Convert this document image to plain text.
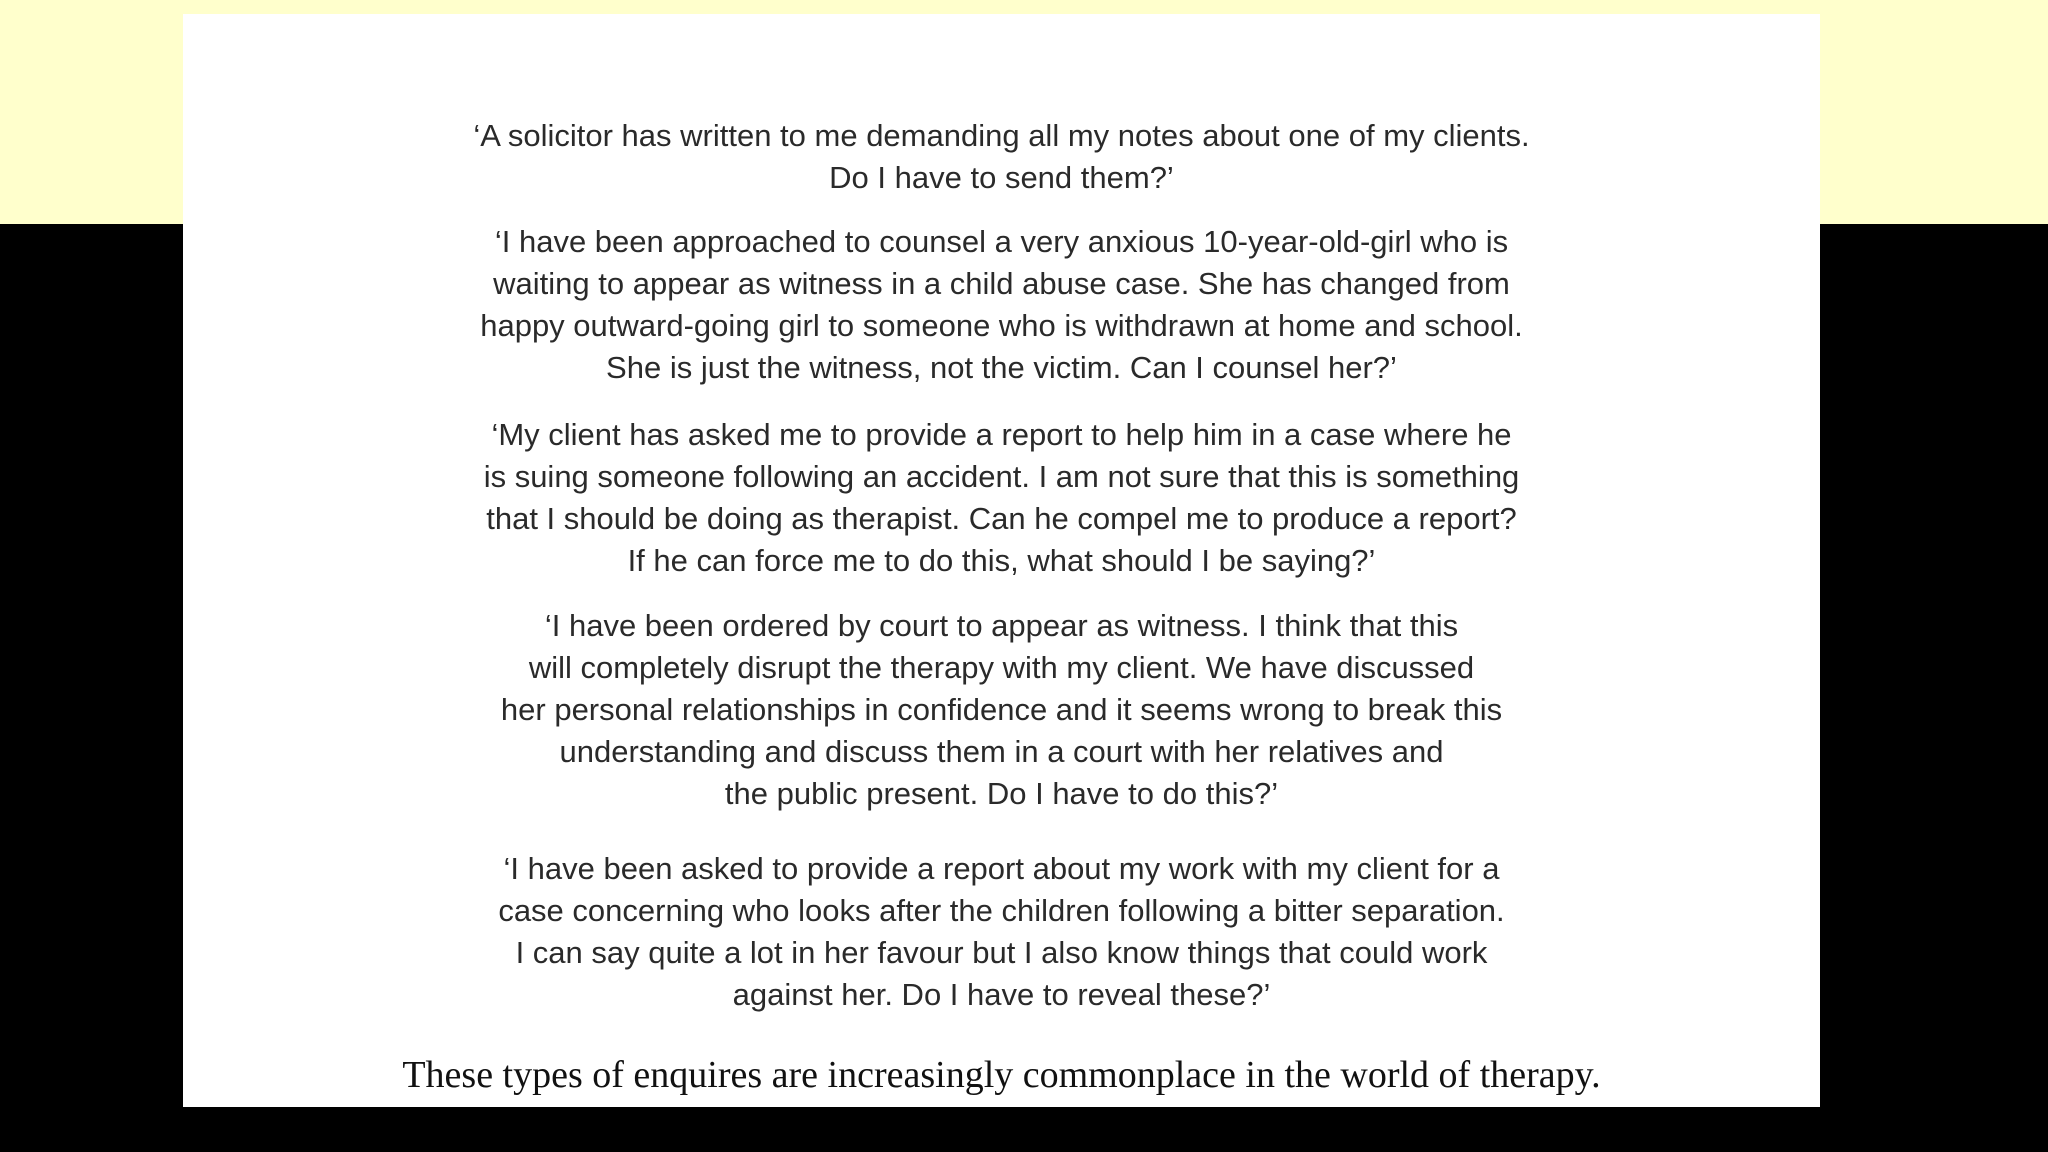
‘A solicitor has written to me demanding all my notes about one of my clients.
Do I have to send them?’
‘I have been approached to counsel a very anxious 10-year-old-girl who is
waiting to appear as witness in a child abuse case. She has changed from
happy outward-going girl to someone who is withdrawn at home and school.
She is just the witness, not the victim. Can I counsel her?’
‘My client has asked me to provide a report to help him in a case where he
is suing someone following an accident. I am not sure that this is something
that I should be doing as therapist. Can he compel me to produce a report?
If he can force me to do this, what should I be saying?’
‘I have been ordered by court to appear as witness. I think that this
will completely disrupt the therapy with my client. We have discussed
her personal relationships in confidence and it seems wrong to break this
understanding and discuss them in a court with her relatives and
the public present. Do I have to do this?’
‘I have been asked to provide a report about my work with my client for a
case concerning who looks after the children following a bitter separation.
I can say quite a lot in her favour but I also know things that could work
against her. Do I have to reveal these?’
These types of enquires are increasingly commonplace in the world of therapy.
